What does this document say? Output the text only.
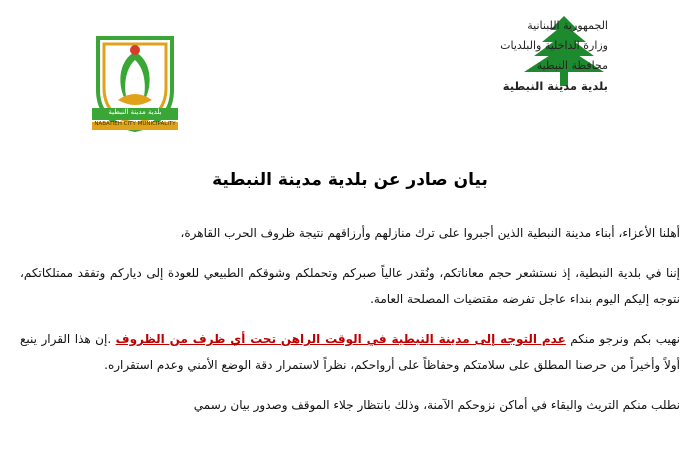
بلدية مدينة النبطية
NABATIEH CITY MUNICIPALITY
الجمهورية اللبنانية
وزارة الداخلية والبلديات
محافظة النبطية
بلدية مدينة النبطية
بيان صادر عن بلدية مدينة النبطية

أهلنا الأعزاء، أبناء مدينة النبطية الذين أجبروا على ترك منازلهم وأرزاقهم نتيجة ظروف الحرب القاهرة،

إننا في بلدية النبطية، إذ نستشعر حجم معاناتكم، ونُقدر عالياً صبركم وتحملكم وشوقكم الطبيعي للعودة إلى دياركم وتفقد ممتلكاتكم، نتوجه إليكم اليوم بنداء عاجل تفرضه مقتضيات المصلحة العامة.

نهيب بكم ونرجو منكم عدم التوجه إلى مدينة النبطية في الوقت الراهن تحت أي ظرف من الظروف .إن هذا القرار ينبع أولاً وأخيراً من حرصنا المطلق على سلامتكم وحفاظاً على أرواحكم، نظراً لاستمرار دقة الوضع الأمني وعدم استقراره.

نطلب منكم التريث والبقاء في أماكن نزوحكم الآمنة، وذلك بانتظار جلاء الموقف وصدور بيان رسمي
